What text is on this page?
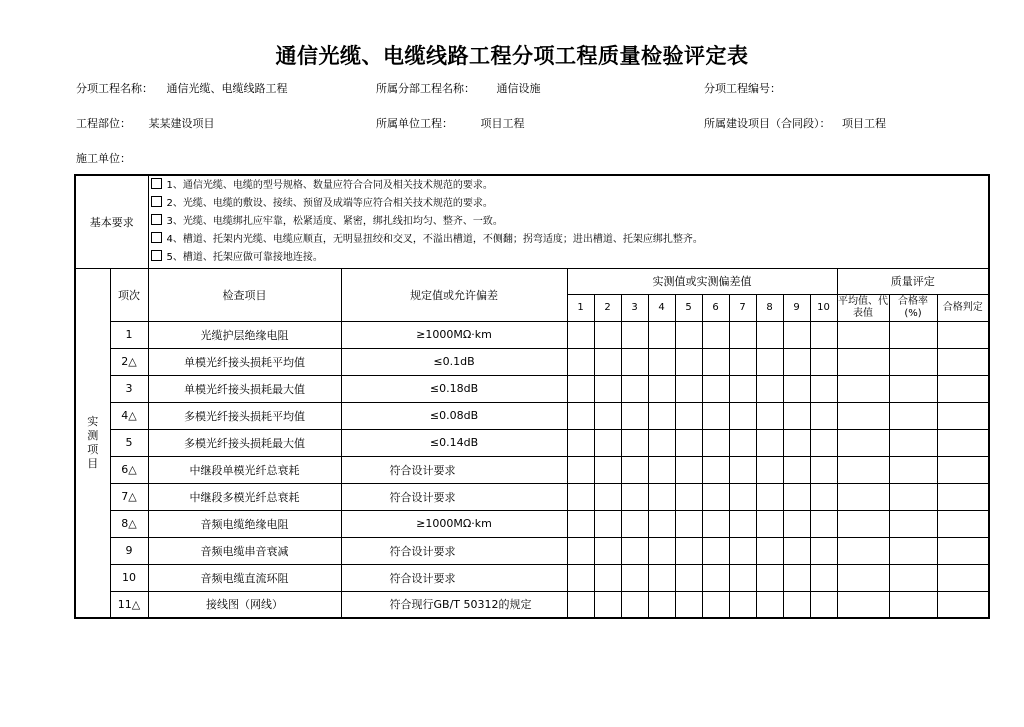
通信光缆、电缆线路工程分项工程质量检验评定表
分项工程名称： 通信光缆、电缆线路工程	所属分部工程名称： 通信设施	分项工程编号：
工程部位： 某某建设项目	所属单位工程：	项目工程	所属建设项目（合同段）： 项目工程
施工单位：
基本要求		1、通信光缆、电缆的型号规格、数量应符合合同及相关技术规范的要求。
2、光缆、电缆的敷设、接续、预留及成端等应符合相关技术规范的要求。
3、光缆、电缆绑扎应牢靠，松紧适度、紧密，绑扎线扣均匀、整齐、一致。
4、槽道、托架内光缆、电缆应顺直，无明显扭绞和交叉，不溢出槽道，不侧翻；拐弯适度；进出槽道、托架应绑扎整齐。
5、槽道、托架应做可靠接地连接。														

实
测
项
目	项次	检查项目	规定值或允许偏差	实测值或实测偏差值										质量评定		
				1	2	3	4	5	6	7	8	9	10	平均值、代表值	合格率(%)	合格判定
	1	光缆护层绝缘电阻	≥1000MΩ·km													
	2△	单模光纤接头损耗平均值	≤0.1dB													
	3	单模光纤接头损耗最大值	≤0.18dB													
	4△	多模光纤接头损耗平均值	≤0.08dB													
	5	多模光纤接头损耗最大值	≤0.14dB													
	6△	中继段单模光纤总衰耗	符合设计要求													
	7△	中继段多模光纤总衰耗	符合设计要求													
	8△	音频电缆绝缘电阻	≥1000MΩ·km													
	9	音频电缆串音衰减	符合设计要求													
	10	音频电缆直流环阻	符合设计要求													
	11△	接线图（网线）	符合现行GB/T 50312的规定													
